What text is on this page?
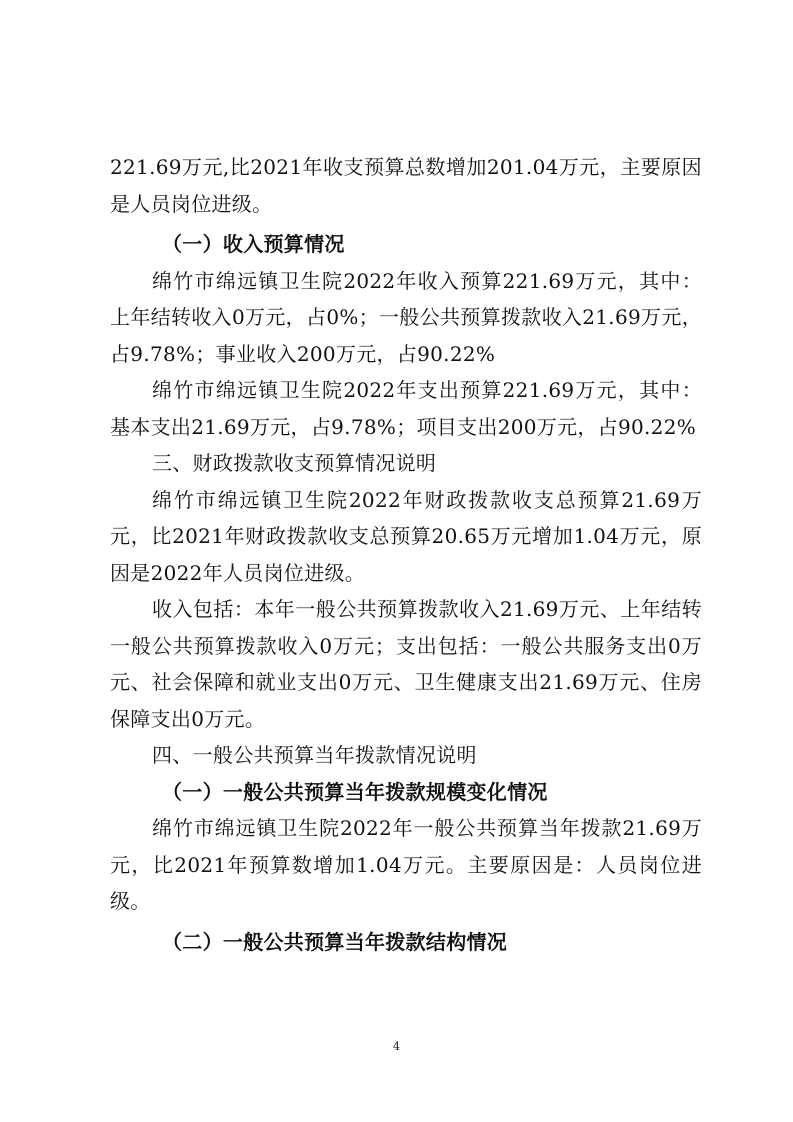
221.69万元,比2021年收支预算总数增加201.04万元，主要原因是人员岗位进级。

（一）收入预算情况

绵竹市绵远镇卫生院2022年收入预算221.69万元，其中：上年结转收入0万元，占0%；一般公共预算拨款收入21.69万元，占9.78%；事业收入200万元，占90.22%

绵竹市绵远镇卫生院2022年支出预算221.69万元，其中：基本支出21.69万元，占9.78%；项目支出200万元，占90.22%

三、财政拨款收支预算情况说明

绵竹市绵远镇卫生院2022年财政拨款收支总预算21.69万元，比2021年财政拨款收支总预算20.65万元增加1.04万元，原因是2022年人员岗位进级。

收入包括：本年一般公共预算拨款收入21.69万元、上年结转一般公共预算拨款收入0万元；支出包括：一般公共服务支出0万元、社会保障和就业支出0万元、卫生健康支出21.69万元、住房保障支出0万元。

四、一般公共预算当年拨款情况说明

（一）一般公共预算当年拨款规模变化情况

绵竹市绵远镇卫生院2022年一般公共预算当年拨款21.69万元，比2021年预算数增加1.04万元。主要原因是：人员岗位进级。

（二）一般公共预算当年拨款结构情况

4
